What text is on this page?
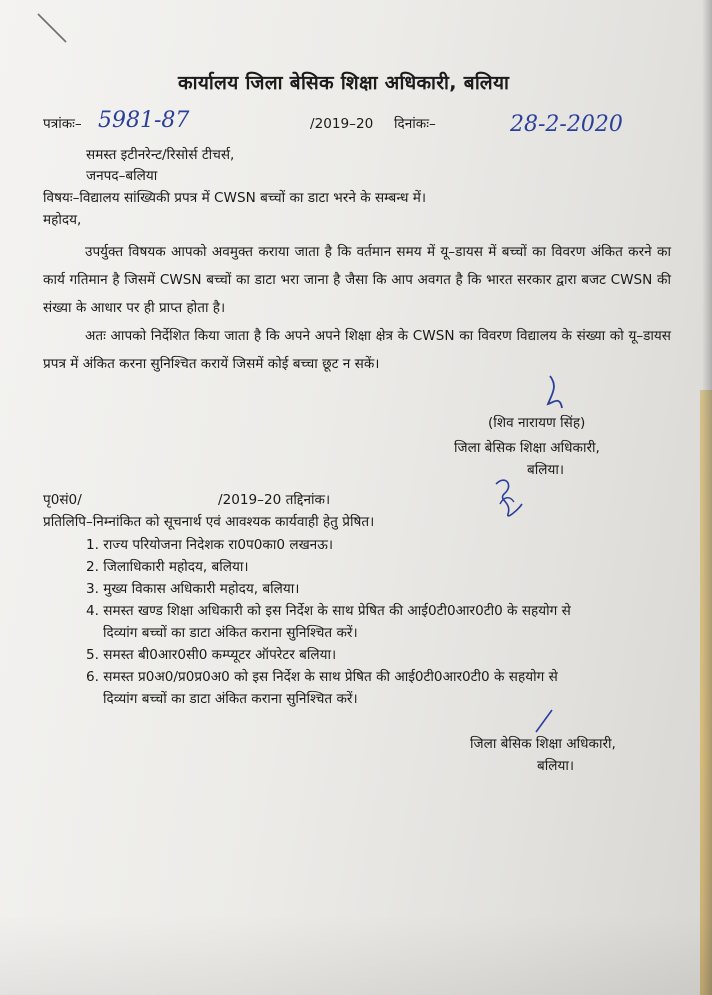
कार्यालय जिला बेसिक शिक्षा अधिकारी, बलिया
पत्रांकः– 5981-87	/2019–20 दिनांकः–	28-2-2020
समस्त इटीनरेन्ट/रिसोर्स टीचर्स,
जनपद–बलिया
विषयः–विद्यालय सांख्यिकी प्रपत्र में CWSN बच्चों का डाटा भरने के सम्बन्ध में।
महोदय,

उपर्युक्त विषयक आपको अवमुक्त कराया जाता है कि वर्तमान समय में यू–डायस में बच्चों का विवरण अंकित करने का कार्य गतिमान है जिसमें CWSN बच्चों का डाटा भरा जाना है जैसा कि आप अवगत है कि भारत सरकार द्वारा बजट CWSN की संख्या के आधार पर ही प्राप्त होता है।

अतः आपको निर्देशित किया जाता है कि अपने अपने शिक्षा क्षेत्र के CWSN का विवरण विद्यालय के संख्या को यू–डायस प्रपत्र में अंकित करना सुनिश्चित करायें जिसमें कोई बच्चा छूट न सकें।

(शिव नारायण सिंह)
जिला बेसिक शिक्षा अधिकारी,
बलिया।
पृ0सं0/	/2019–20 तद्दिनांक।
प्रतिलिपि–निम्नांकित को सूचनार्थ एवं आवश्यक कार्यवाही हेतु प्रेषित।
1. राज्य परियोजना निदेशक रा0प0का0 लखनऊ।
2. जिलाधिकारी महोदय, बलिया।
3. मुख्य विकास अधिकारी महोदय, बलिया।
4. समस्त खण्ड शिक्षा अधिकारी को इस निर्देश के साथ प्रेषित की आई0टी0आर0टी0 के सहयोग से
दिव्यांग बच्चों का डाटा अंकित कराना सुनिश्चित करें।
5. समस्त बी0आर0सी0 कम्प्यूटर ऑपरेटर बलिया।
6. समस्त प्र0अ0/प्र0प्र0अ0 को इस निर्देश के साथ प्रेषित की आई0टी0आर0टी0 के सहयोग से
दिव्यांग बच्चों का डाटा अंकित कराना सुनिश्चित करें।
जिला बेसिक शिक्षा अधिकारी,
बलिया।
